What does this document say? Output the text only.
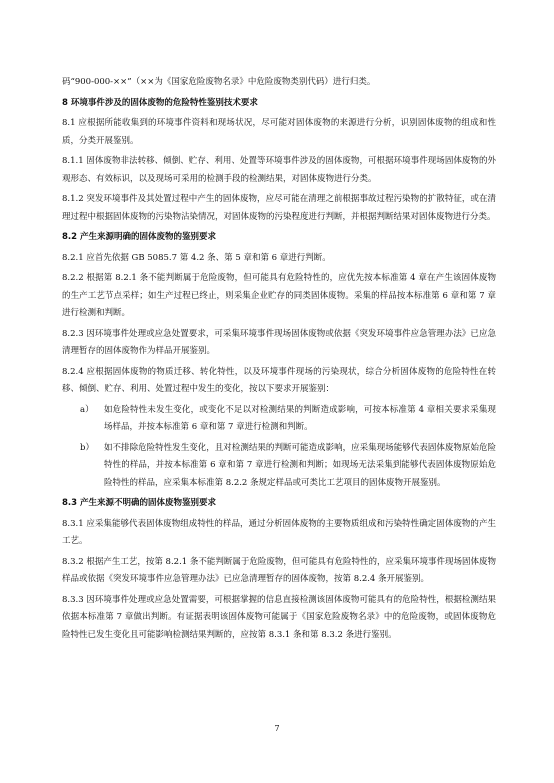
码“900-000-××”（××为《国家危险废物名录》中危险废物类别代码）进行归类。

8 环境事件涉及的固体废物的危险特性鉴别技术要求

8.1 应根据所能收集到的环境事件资料和现场状况，尽可能对固体废物的来源进行分析，识别固体废物的组成和性质，分类开展鉴别。

8.1.1 固体废物非法转移、倾倒、贮存、利用、处置等环境事件涉及的固体废物，可根据环境事件现场固体废物的外观形态、有效标识，以及现场可采用的检测手段的检测结果，对固体废物进行分类。

8.1.2 突发环境事件及其处置过程中产生的固体废物，应尽可能在清理之前根据事故过程污染物的扩散特征，或在清理过程中根据固体废物的污染物沾染情况，对固体废物的污染程度进行判断，并根据判断结果对固体废物进行分类。

8.2 产生来源明确的固体废物的鉴别要求

8.2.1 应首先依据 GB 5085.7 第 4.2 条、第 5 章和第 6 章进行判断。

8.2.2 根据第 8.2.1 条不能判断属于危险废物，但可能具有危险特性的，应优先按本标准第 4 章在产生该固体废物的生产工艺节点采样；如生产过程已终止，则采集企业贮存的同类固体废物。采集的样品按本标准第 6 章和第 7 章进行检测和判断。

8.2.3 因环境事件处理或应急处置要求，可采集环境事件现场固体废物或依据《突发环境事件应急管理办法》已应急清理暂存的固体废物作为样品开展鉴别。

8.2.4 应根据固体废物的物质迁移、转化特性，以及环境事件现场的污染现状，综合分析固体废物的危险特性在转移、倾倒、贮存、利用、处置过程中发生的变化，按以下要求开展鉴别：

a）	如危险特性未发生变化，或变化不足以对检测结果的判断造成影响，可按本标准第 4 章相关要求采集现场样品，并按本标准第 6 章和第 7 章进行检测和判断。
b）	如不排除危险特性发生变化，且对检测结果的判断可能造成影响，应采集现场能够代表固体废物原始危险特性的样品，并按本标准第 6 章和第 7 章进行检测和判断；如现场无法采集到能够代表固体废物原始危险特性的样品，应采集本标准第 8.2.2 条规定样品或可类比工艺项目的固体废物开展鉴别。

8.3 产生来源不明确的固体废物鉴别要求

8.3.1 应采集能够代表固体废物组成特性的样品，通过分析固体废物的主要物质组成和污染特性确定固体废物的产生工艺。

8.3.2 根据产生工艺，按第 8.2.1 条不能判断属于危险废物，但可能具有危险特性的，应采集环境事件现场固体废物样品或依据《突发环境事件应急管理办法》已应急清理暂存的固体废物，按第 8.2.4 条开展鉴别。

8.3.3 因环境事件处理或应急处置需要，可根据掌握的信息直接检测该固体废物可能具有的危险特性，根据检测结果依据本标准第 7 章做出判断。有证据表明该固体废物可能属于《国家危险废物名录》中的危险废物，或固体废物危险特性已发生变化且可能影响检测结果判断的，应按第 8.3.1 条和第 8.3.2 条进行鉴别。

7
